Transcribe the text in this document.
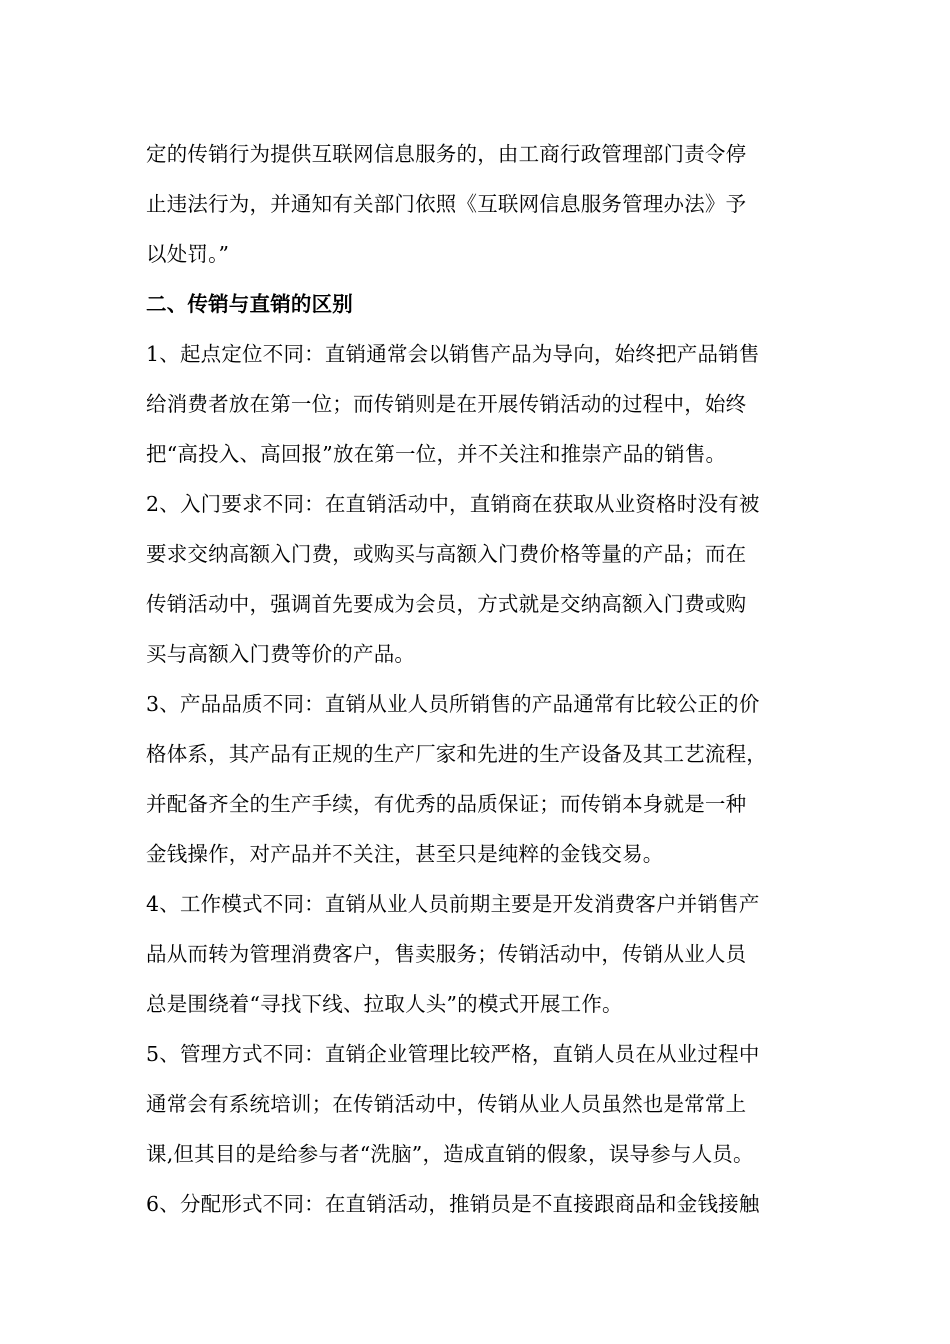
定的传销行为提供互联网信息服务的，由工商行政管理部门责令停
止违法行为，并通知有关部门依照《互联网信息服务管理办法》予
以处罚。”
二、传销与直销的区别
1、起点定位不同：直销通常会以销售产品为导向，始终把产品销售
给消费者放在第一位；而传销则是在开展传销活动的过程中，始终
把“高投入、高回报”放在第一位，并不关注和推崇产品的销售。
2、入门要求不同：在直销活动中，直销商在获取从业资格时没有被
要求交纳高额入门费，或购买与高额入门费价格等量的产品；而在
传销活动中，强调首先要成为会员，方式就是交纳高额入门费或购
买与高额入门费等价的产品。
3、产品品质不同：直销从业人员所销售的产品通常有比较公正的价
格体系，其产品有正规的生产厂家和先进的生产设备及其工艺流程，
并配备齐全的生产手续，有优秀的品质保证；而传销本身就是一种
金钱操作，对产品并不关注，甚至只是纯粹的金钱交易。
4、工作模式不同：直销从业人员前期主要是开发消费客户并销售产
品从而转为管理消费客户，售卖服务；传销活动中，传销从业人员
总是围绕着“寻找下线、拉取人头”的模式开展工作。
5、管理方式不同：直销企业管理比较严格，直销人员在从业过程中
通常会有系统培训；在传销活动中，传销从业人员虽然也是常常上
课,但其目的是给参与者“洗脑”，造成直销的假象，误导参与人员。
6、分配形式不同：在直销活动，推销员是不直接跟商品和金钱接触
